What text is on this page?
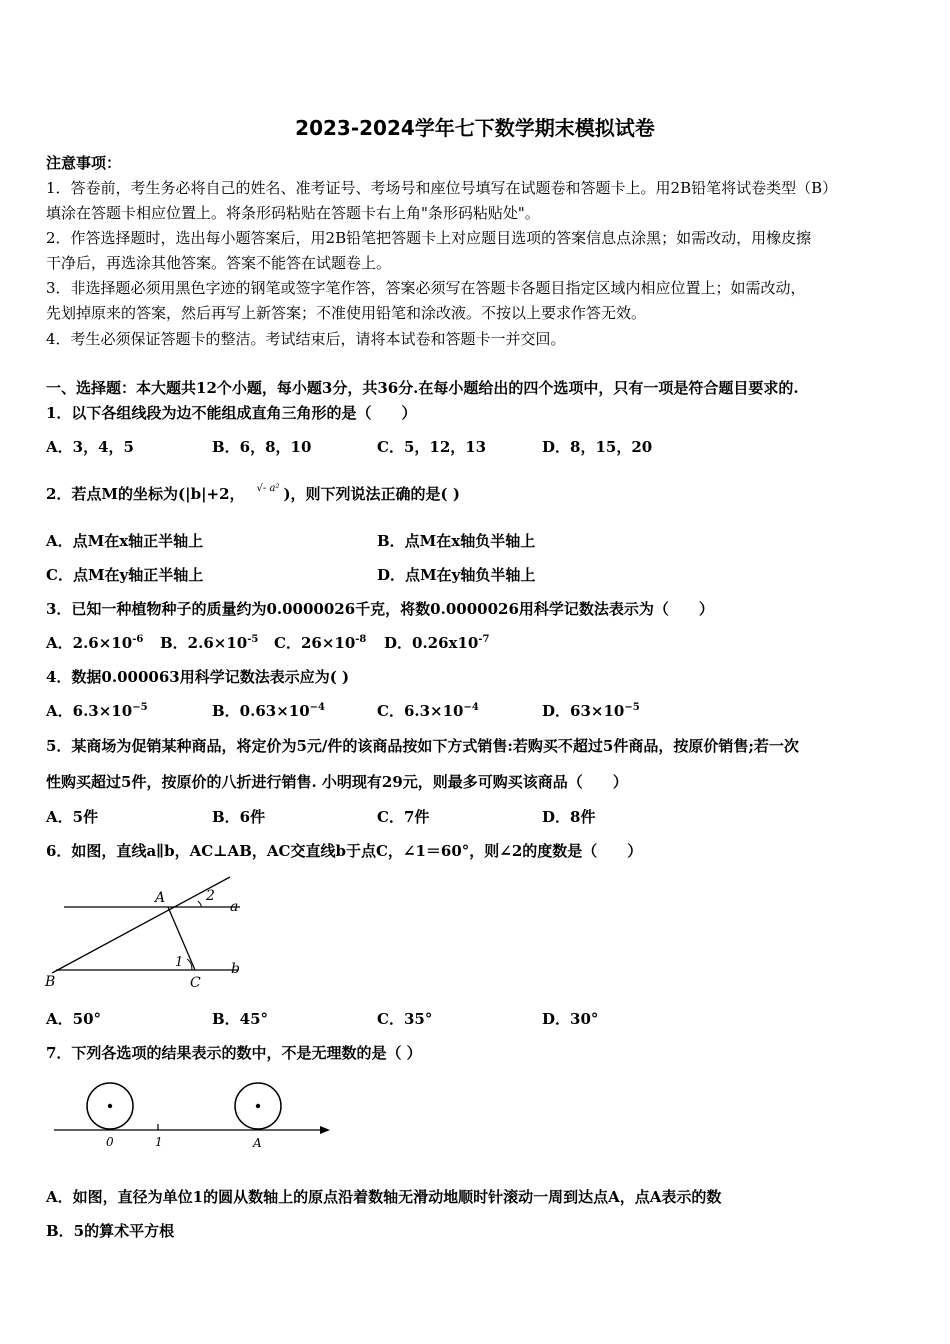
2023-2024学年七下数学期末模拟试卷
注意事项：
1．答卷前，考生务必将自己的姓名、准考证号、考场号和座位号填写在试题卷和答题卡上。用2B铅笔将试卷类型（B）
填涂在答题卡相应位置上。将条形码粘贴在答题卡右上角"条形码粘贴处"。
2．作答选择题时，选出每小题答案后，用2B铅笔把答题卡上对应题目选项的答案信息点涂黑；如需改动，用橡皮擦
干净后，再选涂其他答案。答案不能答在试题卷上。
3．非选择题必须用黑色字迹的钢笔或签字笔作答，答案必须写在答题卡各题目指定区域内相应位置上；如需改动，
先划掉原来的答案，然后再写上新答案；不准使用铅笔和涂改液。不按以上要求作答无效。
4．考生必须保证答题卡的整洁。考试结束后，请将本试卷和答题卡一并交回。
一、选择题：本大题共12个小题，每小题3分，共36分.在每小题给出的四个选项中，只有一项是符合题目要求的.
1．以下各组线段为边不能组成直角三角形的是（　　）
A．3，4，5	B．6，8，10	C．5，12，13	D．8，15，20
2．若点M的坐标为(|b|+2， √- a² )，则下列说法正确的是( )
A．点M在x轴正半轴上	B．点M在x轴负半轴上
C．点M在y轴正半轴上	D．点M在y轴负半轴上
3．已知一种植物种子的质量约为0.0000026千克，将数0.0000026用科学记数法表示为（　　）
A．$2.6\times 10^{-6}$ B．$2.6\times 10^{-5}$ C．$26\times 10^{-8}$ D．$0.26x10^{-7}$
4．数据0.000063用科学记数法表示应为( )
A．$6.3\times 10^{-5}$	B．$0.63\times 10^{-4}$	C．$6.3\times 10^{-4}$	D．$63\times 10^{-5}$
5．某商场为促销某种商品，将定价为5元/件的该商品按如下方式销售:若购买不超过5件商品，按原价销售;若一次
性购买超过5件，按原价的八折进行销售. 小明现有29元，则最多可购买该商品（　　）
A．5件	B．6件	C．7件	D．8件
6．如图，直线a∥b，AC⊥AB，AC交直线b于点C，∠1＝60°，则∠2的度数是（　　）
A	2
a
1	b
B	C
A．50°	B．45°	C．35°	D．30°
7．下列各选项的结果表示的数中，不是无理数的是（ ）
0	1	A
A．如图，直径为单位1的圆从数轴上的原点沿着数轴无滑动地顺时针滚动一周到达点A，点A表示的数
B．5的算术平方根
